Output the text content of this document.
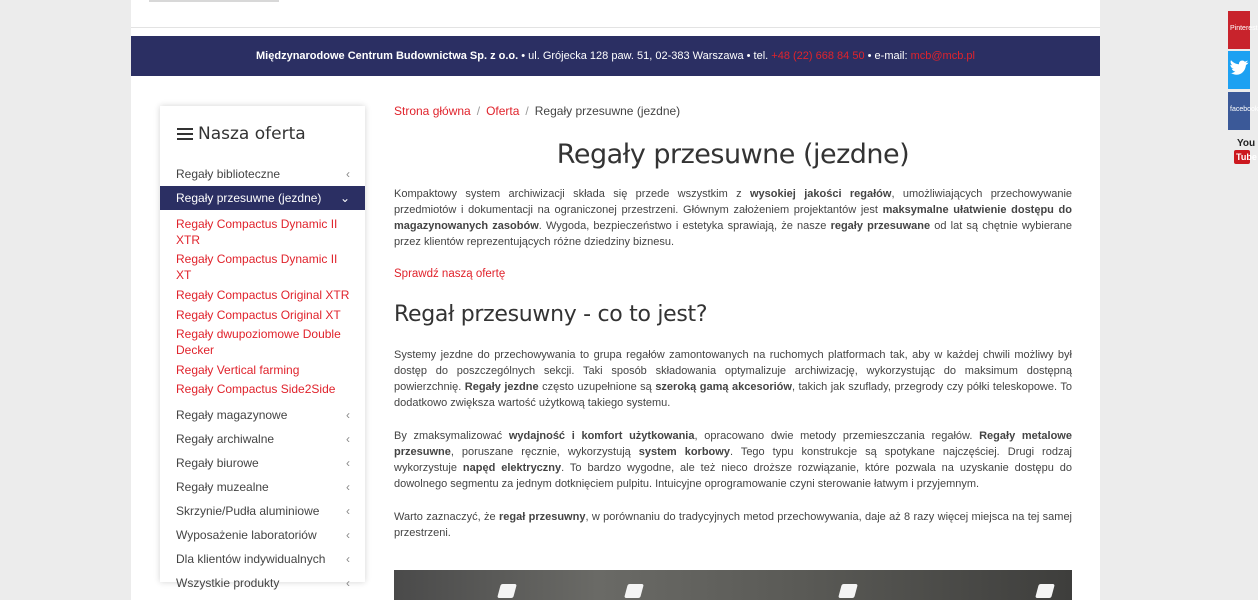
Międzynarodowe Centrum Budownictwa Sp. z o.o. • ul. Grójecka 128 paw. 51, 02-383 Warszawa • tel. +48 (22) 668 84 50 • e-mail: mcb@mcb.pl
Nasza oferta
Regały biblioteczne	‹
Regały przesuwne (jezdne) ⌄
Regały Compactus Dynamic II XTR
Regały Compactus Dynamic II XT
Regały Compactus Original XTR
Regały Compactus Original XT
Regały dwupoziomowe Double Decker
Regały Vertical farming
Regały Compactus Side2Side
Regały magazynowe	‹
Regały archiwalne	‹
Regały biurowe	‹
Regały muzealne	‹
Skrzynie/Pudła aluminiowe ‹
Wyposażenie laboratoriów ‹
Dla klientów indywidualnych ‹
Wszystkie produkty	‹
Strona główna / Oferta / Regały przesuwne (jezdne)
Regały przesuwne (jezdne)

Kompaktowy system archiwizacji składa się przede wszystkim z wysokiej jakości regałów, umożliwiających przechowywanie przedmiotów i dokumentacji na ograniczonej przestrzeni. Głównym założeniem projektantów jest maksymalne ułatwienie dostępu do magazynowanych zasobów. Wygoda, bezpieczeństwo i estetyka sprawiają, że nasze regały przesuwane od lat są chętnie wybierane przez klientów reprezentujących różne dziedziny biznesu.

Sprawdź naszą ofertę
Regał przesuwny - co to jest?

Systemy jezdne do przechowywania to grupa regałów zamontowanych na ruchomych platformach tak, aby w każdej chwili możliwy był dostęp do poszczególnych sekcji. Taki sposób składowania optymalizuje archiwizację, wykorzystując do maksimum dostępną powierzchnię. Regały jezdne często uzupełnione są szeroką gamą akcesoriów, takich jak szuflady, przegrody czy półki teleskopowe. To dodatkowo zwiększa wartość użytkową takiego systemu.

By zmaksymalizować wydajność i komfort użytkowania, opracowano dwie metody przemieszczania regałów. Regały metalowe przesuwne, poruszane ręcznie, wykorzystują system korbowy. Tego typu konstrukcje są spotykane najczęściej. Drugi rodzaj wykorzystuje napęd elektryczny. To bardzo wygodne, ale też nieco droższe rozwiązanie, które pozwala na uzyskanie dostępu do dowolnego segmentu za jednym dotknięciem pulpitu. Intuicyjne oprogramowanie czyni sterowanie łatwym i przyjemnym.

Warto zaznaczyć, że regał przesuwny, w porównaniu do tradycyjnych metod przechowywania, daje aż 8 razy więcej miejsca na tej samej przestrzeni.

Pinterest
facebook
You
Tube
